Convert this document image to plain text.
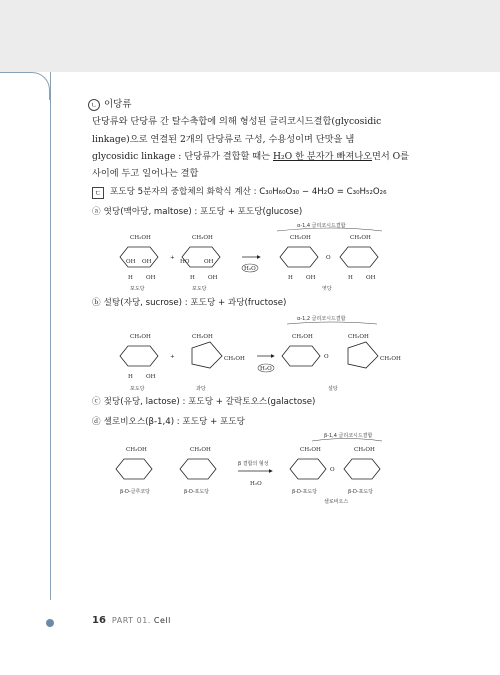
ㄴ 이당류
단당류와 단당류 간 탈수축합에 의해 형성된 글리코시드결합(glycosidic
linkage)으로 연결된 2개의 단당류로 구성, 수용성이며 단맛을 냄
glycosidic linkage : 단당류가 결합할 때는 H₂O 한 분자가 빠져나오면서 O를
사이에 두고 일어나는 결합
ㄷ	포도당 5분자의 중합체의 화학식 계산 : C₃₀H₆₀O₃₀ − 4H₂O = C₃₀H₅₂O₂₆
ⓐ 엿당(맥아당, maltose) : 포도당 + 포도당(glucose)
α-1,4 글리코시드결합
CH₂OH
OH OH
H OH
+
CH₂OH
HO	OH
H OH
H₂O
CH₂OH
O
CH₂OH
H OH	H OH
포도당	포도당	엿당
ⓑ 설탕(자당, sucrose) : 포도당 + 과당(fructose)
α-1,2 글리코시드결합
CH₂OH
H OH
+
CH₂OH
CH₂OH
H₂O
CH₂OH
O
CH₂OH
CH₂OH
포도당	과당	설탕
ⓒ 젖당(유당, lactose) : 포도당 + 갈락토오스(galactose)
ⓓ 셀로비오스(β-1,4) : 포도당 + 포도당
β-1,4 글리코시드결합
CH₂OH	CH₂OH
β 결합의 형성
H₂O
CH₂OH
O
CH₂OH
β-D-글루코당	β-D-포도당	β-D-포도당	β-D-포도당
셀로비오스
16 PART 01. Cell
